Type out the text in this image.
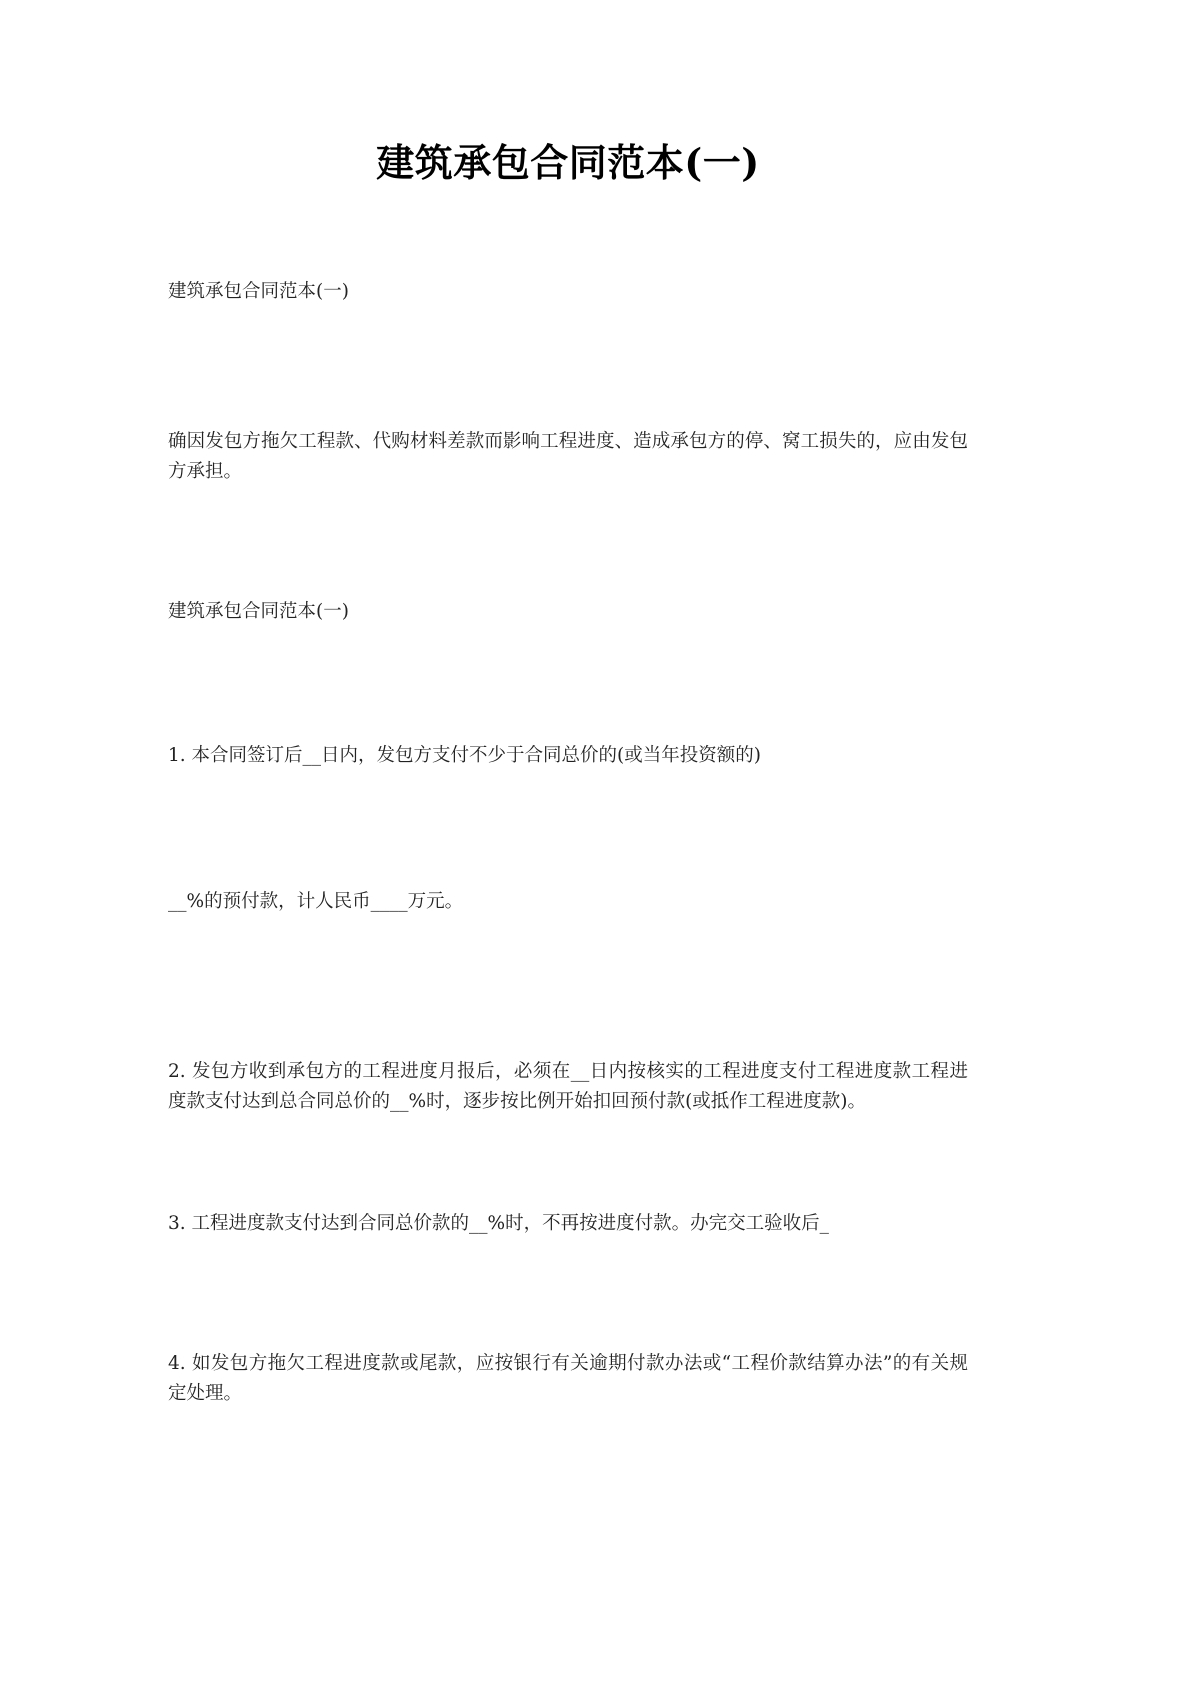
建筑承包合同范本(一)

建筑承包合同范本(一)

确因发包方拖欠工程款、代购材料差款而影响工程进度、造成承包方的停、窝工损失的，应由发包方承担。

建筑承包合同范本(一)

1. 本合同签订后__日内，发包方支付不少于合同总价的(或当年投资额的)

__%的预付款，计人民币____万元。

2. 发包方收到承包方的工程进度月报后，必须在__日内按核实的工程进度支付工程进度款工程进度款支付达到总合同总价的__%时，逐步按比例开始扣回预付款(或抵作工程进度款)。

3. 工程进度款支付达到合同总价款的__%时，不再按进度付款。办完交工验收后_

4. 如发包方拖欠工程进度款或尾款，应按银行有关逾期付款办法或“工程价款结算办法”的有关规定处理。
